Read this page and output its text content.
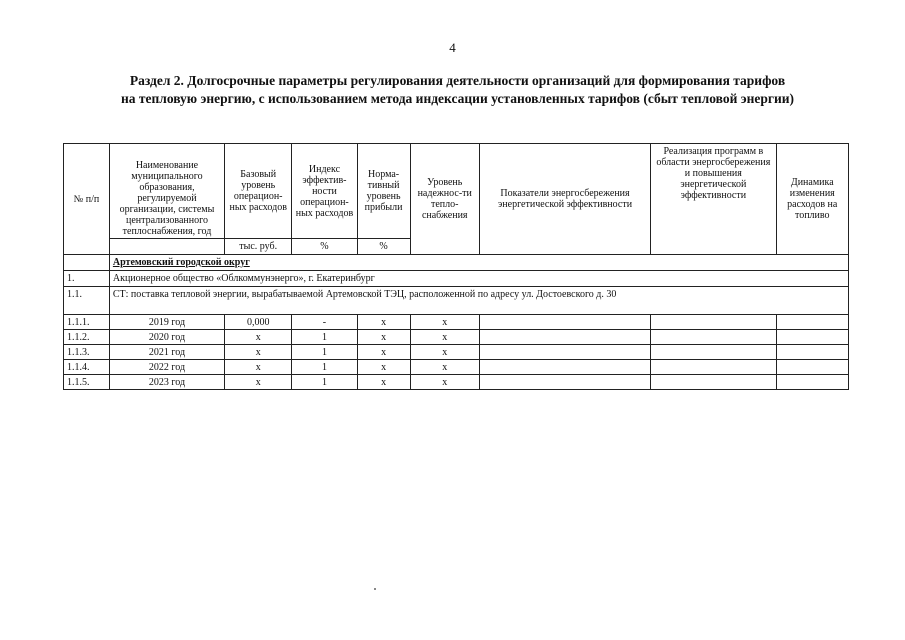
4
Раздел 2. Долгосрочные параметры регулирования деятельности организаций для формирования тарифов
на тепловую энергию, с использованием метода индексации установленных тарифов (сбыт тепловой энергии)
№ п/п	Наименование муниципального образования, регулируемой организации, системы централизованного теплоснабжения, год	Базовый уровень операцион-ных расходов	Индекс эффектив-ности операцион-ных расходов	Норма-тивный уровень прибыли	Уровень надежнос-ти тепло-снабжения	Показатели энергосбережения энергетической эффективности	Реализация программ в области энергосбережения и повышения энергетической эффективности	Динамика изменения расходов на топливо
		тыс. руб.	%	%				
	Артемовский городской округ							
1.	Акционерное общество «Облкоммунэнерго», г. Екатеринбург							
1.1.	СТ: поставка тепловой энергии, вырабатываемой Артемовской ТЭЦ, расположенной по адресу ул. Достоевского д. 30							
1.1.1.	2019 год	0,000	-	x	x			
1.1.2.	2020 год	x	1	x	x			
1.1.3.	2021 год	x	1	x	x			
1.1.4.	2022 год	x	1	x	x			
1.1.5.	2023 год	x	1	x	x			
